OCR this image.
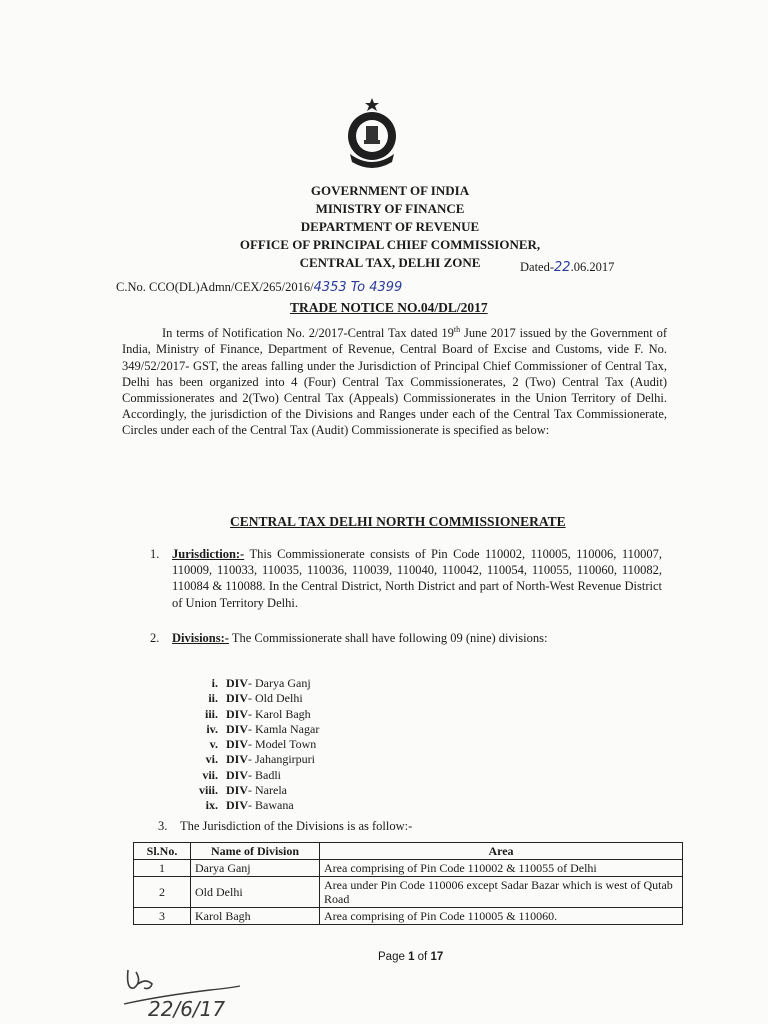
GOVERNMENT OF INDIA
MINISTRY OF FINANCE
DEPARTMENT OF REVENUE
OFFICE OF PRINCIPAL CHIEF COMMISSIONER,
CENTRAL TAX, DELHI ZONE
C.No. CCO(DL)Admn/CEX/265/2016/4353 To 4399
Dated-22.06.2017
TRADE NOTICE NO.04/DL/2017
In terms of Notification No. 2/2017-Central Tax dated 19th June 2017 issued by the Government of India, Ministry of Finance, Department of Revenue, Central Board of Excise and Customs, vide F. No. 349/52/2017- GST, the areas falling under the Jurisdiction of Principal Chief Commissioner of Central Tax, Delhi has been organized into 4 (Four) Central Tax Commissionerates, 2 (Two) Central Tax (Audit) Commissionerates and 2(Two) Central Tax (Appeals) Commissionerates in the Union Territory of Delhi. Accordingly, the jurisdiction of the Divisions and Ranges under each of the Central Tax Commissionerate, Circles under each of the Central Tax (Audit) Commissionerate is specified as below:
CENTRAL TAX DELHI NORTH COMMISSIONERATE
1. Jurisdiction:- This Commissionerate consists of Pin Code 110002, 110005, 110006, 110007, 110009, 110033, 110035, 110036, 110039, 110040, 110042, 110054, 110055, 110060, 110082, 110084 & 110088. In the Central District, North District and part of North-West Revenue District of Union Territory Delhi.
2. Divisions:- The Commissionerate shall have following 09 (nine) divisions:
i. DIV- Darya Ganj
ii. DIV- Old Delhi
iii. DIV- Karol Bagh
iv. DIV- Kamla Nagar
v. DIV- Model Town
vi. DIV- Jahangirpuri
vii. DIV- Badli
viii. DIV- Narela
ix. DIV- Bawana
3. The Jurisdiction of the Divisions is as follow:-
Sl.No.	Name of Division	Area
1	Darya Ganj	Area comprising of Pin Code 110002 & 110055 of Delhi
2	Old Delhi	Area under Pin Code 110006 except Sadar Bazar which is west of Qutab Road
3	Karol Bagh	Area comprising of Pin Code 110005 & 110060.
Page 1 of 17
22/6/17
